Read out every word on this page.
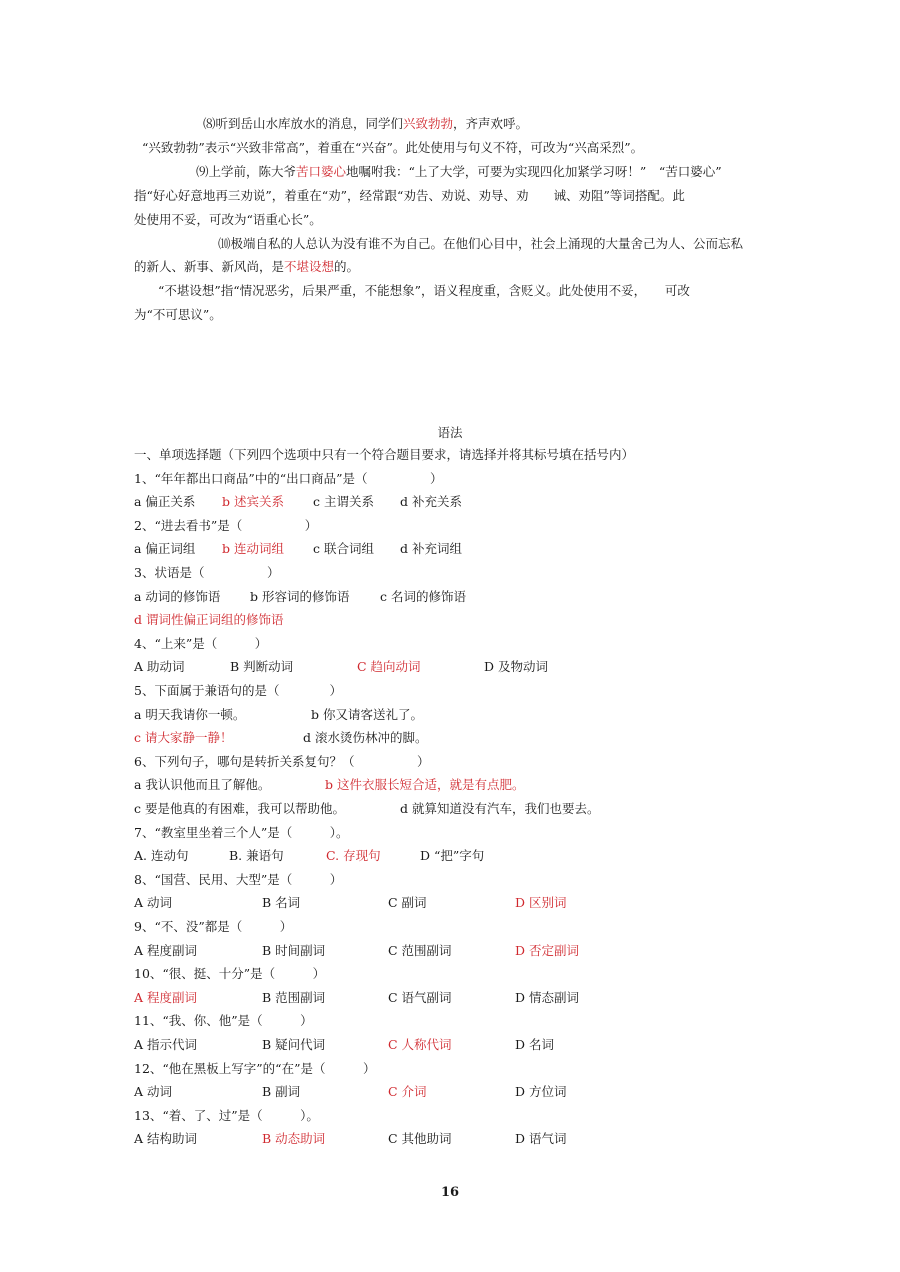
⑻听到岳山水库放水的消息，同学们兴致勃勃，齐声欢呼。
“兴致勃勃”表示“兴致非常高”，着重在“兴奋”。此处使用与句义不符，可改为“兴高采烈”。
⑼上学前，陈大爷苦口婆心地嘱咐我：“上了大学，可要为实现四化加紧学习呀！”　“苦口婆心”
指“好心好意地再三劝说”，着重在“劝”，经常跟“劝告、劝说、劝导、劝　　诫、劝阻”等词搭配。此
处使用不妥，可改为“语重心长”。
⑽极端自私的人总认为没有谁不为自己。在他们心目中，社会上涌现的大量舍己为人、公而忘私
的新人、新事、新风尚，是不堪设想的。
“不堪设想”指“情况恶劣，后果严重，不能想象”，语义程度重，含贬义。此处使用不妥，　　可改
为“不可思议”。
语法
一、单项选择题（下列四个选项中只有一个符合题目要求，请选择并将其标号填在括号内）
1、“年年都出口商品”中的“出口商品”是（　　　　　）
a 偏正关系 b 述宾关系 c 主谓关系 d 补充关系
2、“进去看书”是（　　　　　）
a 偏正词组 b 连动词组 c 联合词组 d 补充词组
3、状语是（　　　　　）
a 动词的修饰语 b 形容词的修饰语 c 名词的修饰语
d 谓词性偏正词组的修饰语
4、“上来”是（　　　）
A 助动词	B 判断动词	C 趋向动词	D 及物动词
5、下面属于兼语句的是（　　　　）
a 明天我请你一顿。	b 你又请客送礼了。
c 请大家静一静！	d 滚水烫伤林冲的脚。
6、下列句子，哪句是转折关系复句？（　　　　　）
a 我认识他而且了解他。	b 这件衣服长短合适，就是有点肥。
c 要是他真的有困难，我可以帮助他。	d 就算知道没有汽车，我们也要去。
7、“教室里坐着三个人”是（　　　）。
A. 连动句	B. 兼语句	C. 存现句	D “把”字句
8、“国营、民用、大型”是（　　　）
A 动词	B 名词	C 副词	D 区别词
9、“不、没”都是（　　　）
A 程度副词	B 时间副词	C 范围副词	D 否定副词
10、“很、挺、十分”是（　　　）
A 程度副词	B 范围副词	C 语气副词	D 情态副词
11、“我、你、他”是（　　　）
A 指示代词	B 疑问代词	C 人称代词	D 名词
12、“他在黑板上写字”的“在”是（　　　）
A 动词	B 副词	C 介词	D 方位词
13、“着、了、过”是（　　　）。
A 结构助词	B 动态助词	C 其他助词	D 语气词
16
